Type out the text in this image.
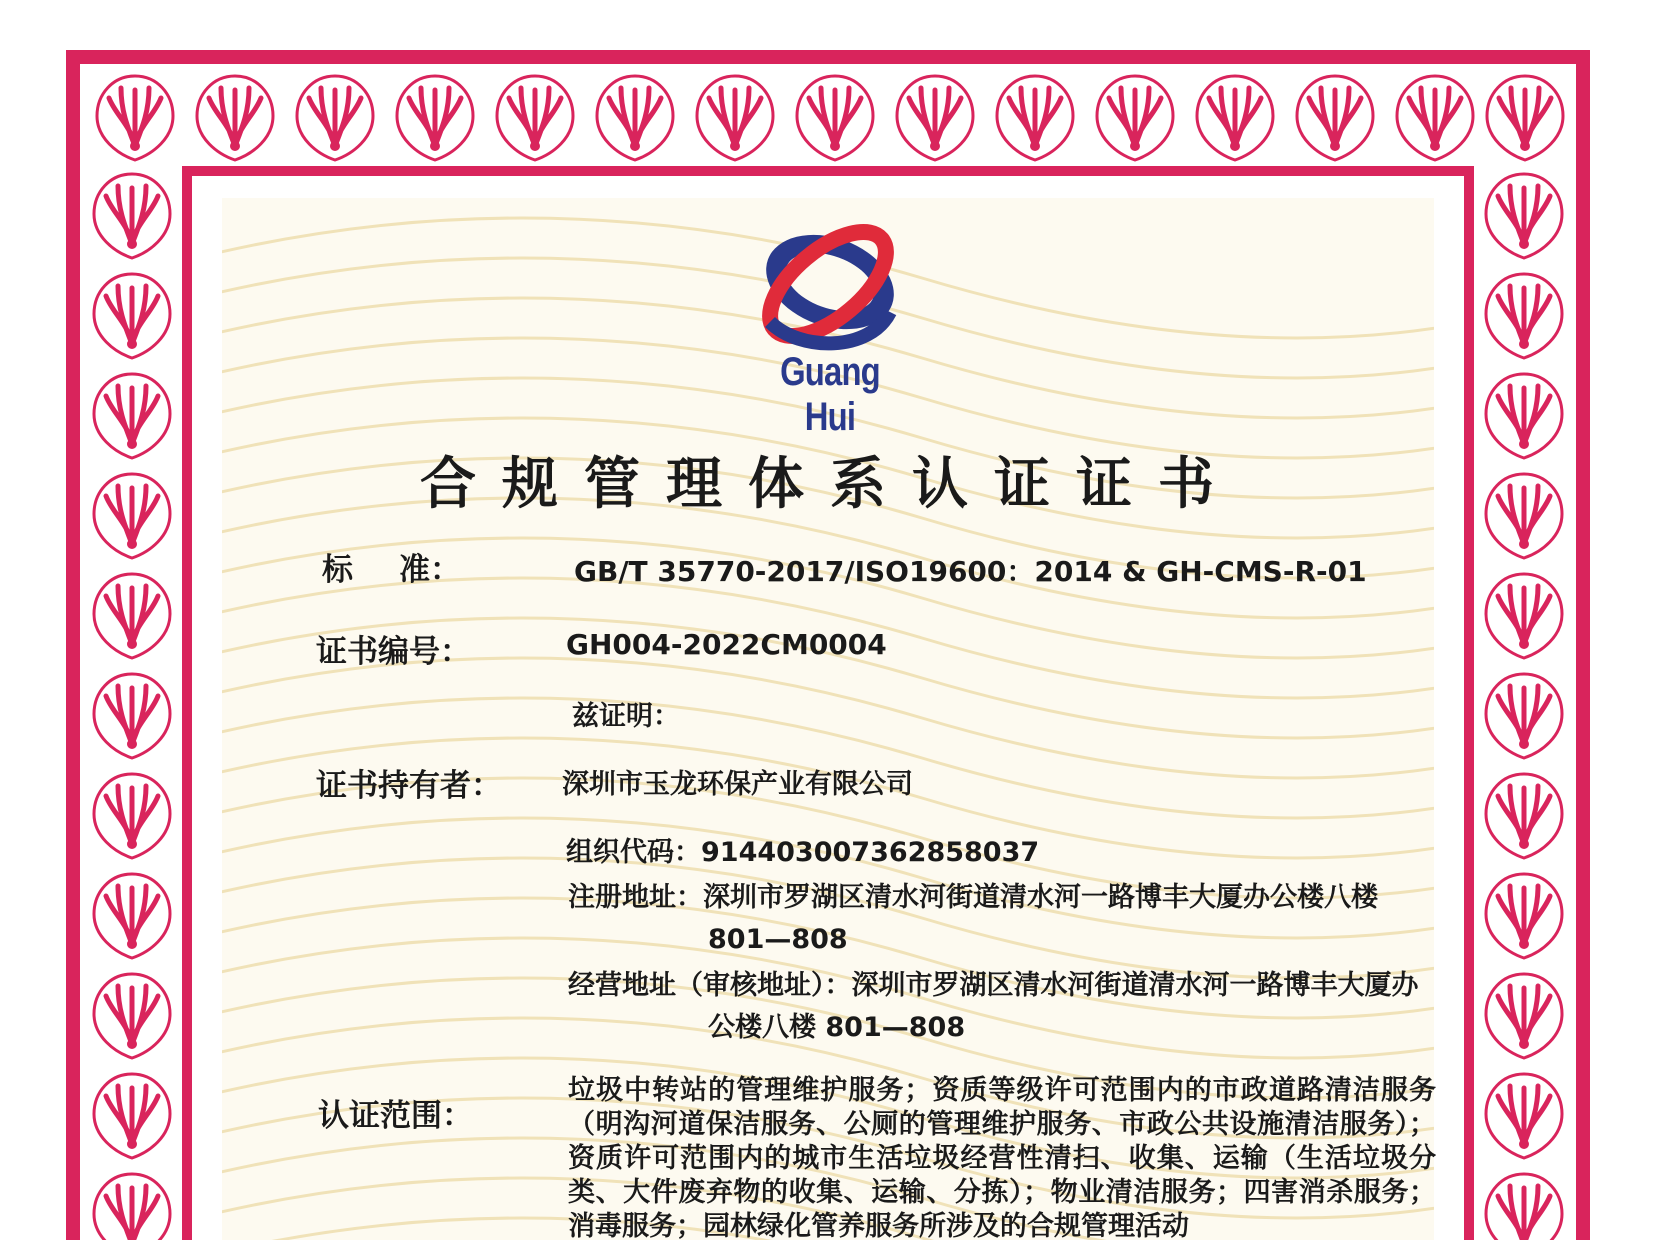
Guang Hui
合规管理体系认证证书
标 准：	GB/T 35770-2017/ISO19600：2014 & GH-CMS-R-01
证书编号：	GH004-2022CM0004
兹证明：
证书持有者： 深圳市玉龙环保产业有限公司
组织代码：914403007362858037
注册地址：深圳市罗湖区清水河街道清水河一路博丰大厦办公楼八楼
801—808
经营地址（审核地址）：深圳市罗湖区清水河街道清水河一路博丰大厦办
公楼八楼 801—808
认证范围：
垃圾中转站的管理维护服务；资质等级许可范围内的市政道路清洁服务（明沟河道保洁服务、公厕的管理维护服务、市政公共设施清洁服务）；资质许可范围内的城市生活垃圾经营性清扫、收集、运输（生活垃圾分类、大件废弃物的收集、运输、分拣）；物业清洁服务；四害消杀服务；消毒服务；园林绿化管养服务所涉及的合规管理活动
